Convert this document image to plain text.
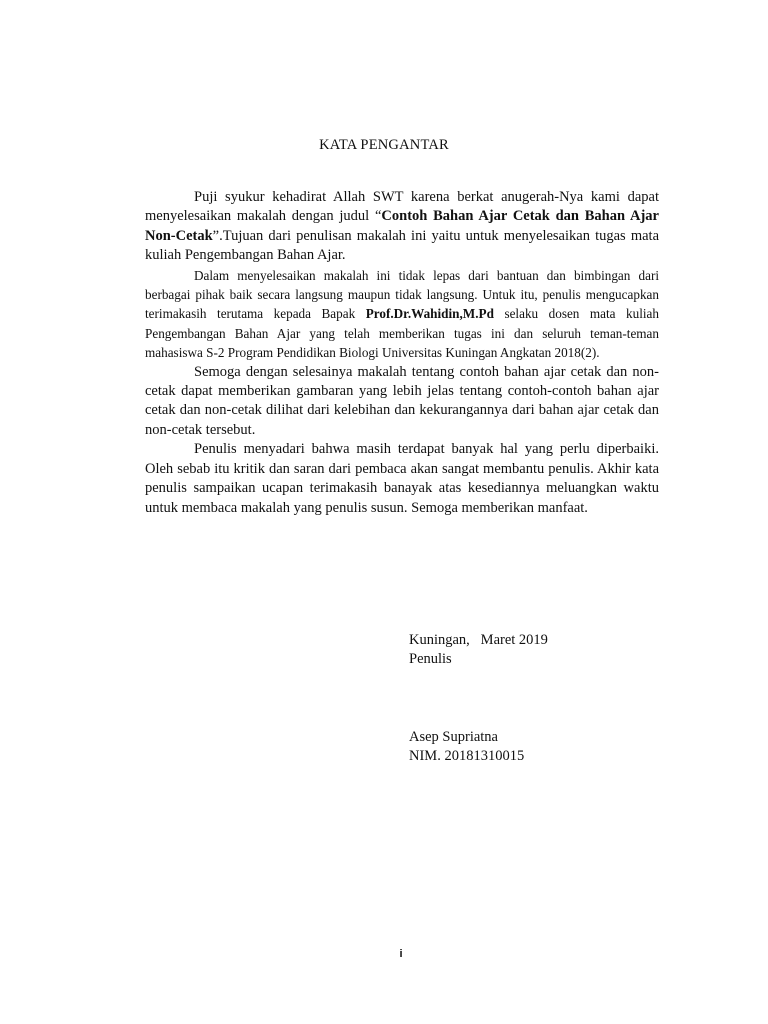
KATA PENGANTAR

Puji syukur kehadirat Allah SWT karena berkat anugerah-Nya kami dapat menyelesaikan makalah dengan judul “Contoh Bahan Ajar Cetak dan Bahan Ajar Non-Cetak”.Tujuan dari penulisan makalah ini yaitu untuk menyelesaikan tugas mata kuliah Pengembangan Bahan Ajar.

Dalam menyelesaikan makalah ini tidak lepas dari bantuan dan bimbingan dari berbagai pihak baik secara langsung maupun tidak langsung. Untuk itu, penulis mengucapkan terimakasih terutama kepada Bapak Prof.Dr.Wahidin,M.Pd selaku dosen mata kuliah Pengembangan Bahan Ajar yang telah memberikan tugas ini dan seluruh teman-teman mahasiswa S-2 Program Pendidikan Biologi Universitas Kuningan Angkatan 2018(2).

Semoga dengan selesainya makalah tentang contoh bahan ajar cetak dan non-cetak dapat memberikan gambaran yang lebih jelas tentang contoh-contoh bahan ajar cetak dan non-cetak dilihat dari kelebihan dan kekurangannya dari bahan ajar cetak dan non-cetak tersebut.

Penulis menyadari bahwa masih terdapat banyak hal yang perlu diperbaiki. Oleh sebab itu kritik dan saran dari pembaca akan sangat membantu penulis. Akhir kata penulis sampaikan ucapan terimakasih banayak atas kesediannya meluangkan waktu untuk membaca makalah yang penulis susun. Semoga memberikan manfaat.

Kuningan,   Maret 2019
Penulis
Asep Supriatna
NIM. 20181310015
i
